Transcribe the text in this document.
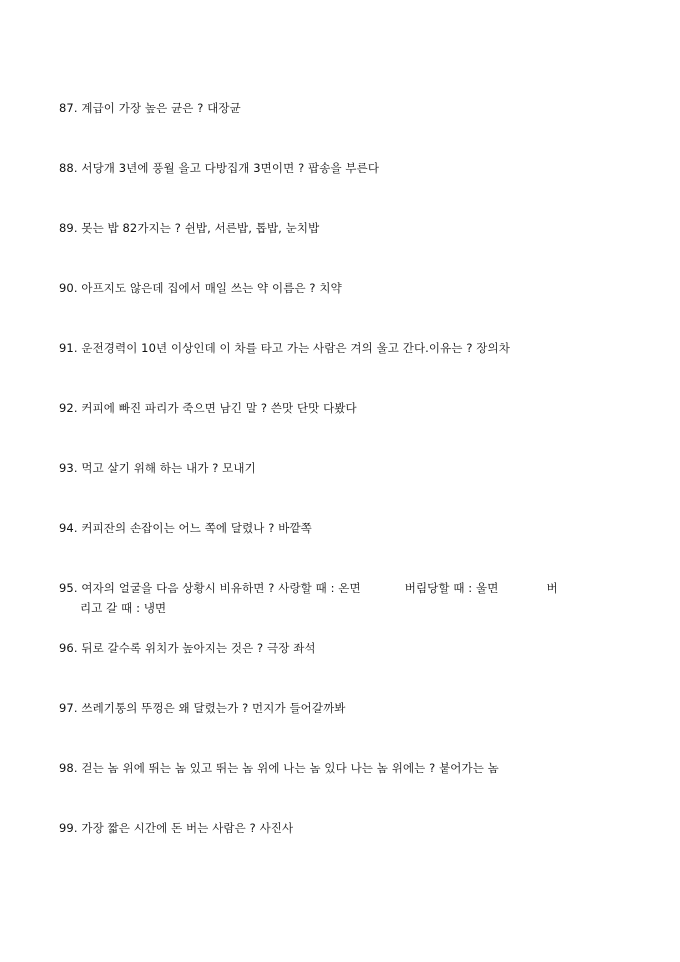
87. 계급이 가장 높은 균은 ? 대장균
88. 서당개 3년에 풍월 을고 다방집개 3면이면 ? 팝송을 부른다
89. 못는 밥 82가지는 ? 쉰밥, 서른밥, 톱밥, 눈치밥
90. 아프지도 않은데 집에서 매일 쓰는 약 이름은 ? 치약
91. 운전경력이 10년 이상인데 이 차를 타고 가는 사람은 겨의 울고 간다.이유는 ? 장의차
92. 커피에 빠진 파리가 죽으면 남긴 말 ? 쓴맛 단맛 다봤다
93. 먹고 살기 위해 하는 내가 ? 모내기
94. 커피잔의 손잡이는 어느 쪽에 달렸나 ? 바깥쪽
95. 여자의 얼굴을 다음 상황시 비유하면 ? 사랑할 때 : 온면	버림당할 때 : 울면	버
리고 갈 때 : 냉면
96. 뒤로 갈수록 위치가 높아지는 것은 ? 극장 좌석
97. 쓰레기통의 뚜껑은 왜 달렸는가 ? 먼지가 들어갈까봐
98. 걷는 놈 위에 뛰는 놈 있고 뛰는 놈 위에 나는 놈 있다 나는 놈 위에는 ? 붙어가는 놈
99. 가장 짧은 시간에 돈 버는 사람은 ? 사진사
